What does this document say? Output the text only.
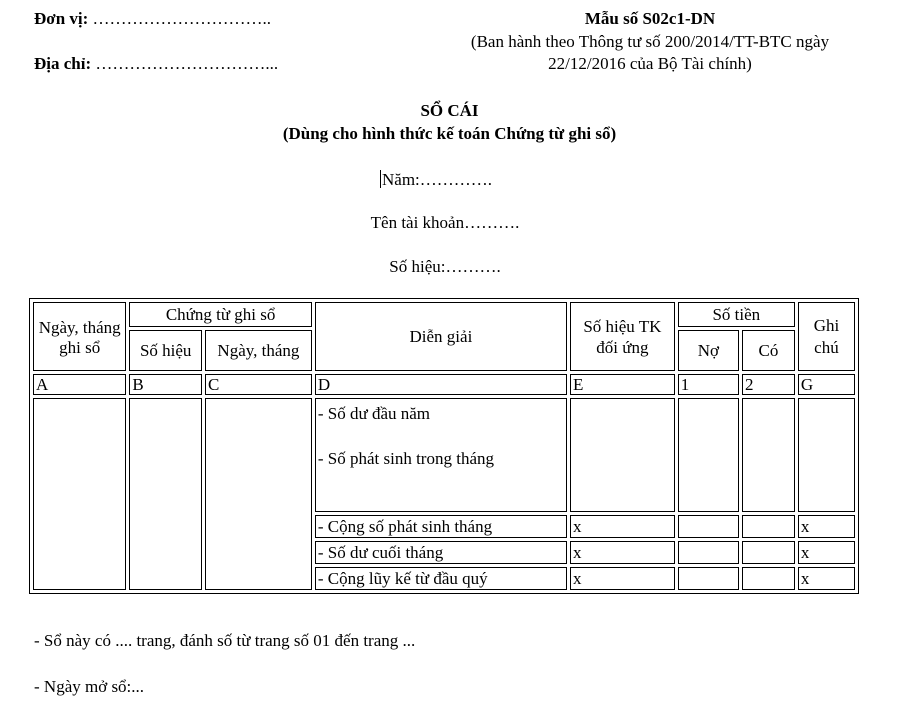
Đơn vị: …………………………..
Địa chỉ: …………………………...
Mẫu số S02c1-DN
(Ban hành theo Thông tư số 200/2014/TT-BTC ngày
22/12/2016 của Bộ Tài chính)
SỔ CÁI
(Dùng cho hình thức kế toán Chứng từ ghi sổ)
Năm:………….
Tên tài khoản……….
Số hiệu:……….
Ngày, tháng ghi sổ	Chứng từ ghi sổ		Diễn giải	Số hiệu TK đối ứng	Số tiền		Ghi chú
	Số hiệu	Ngày, tháng			Nợ	Có	
A	B	C	D	E	1	2	G

			- Số dư đầu năm
- Số phát sinh trong tháng				

			- Cộng số phát sinh tháng	x			x
			- Số dư cuối tháng	x			x
			- Cộng lũy kế từ đầu quý	x			x
- Sổ này có .... trang, đánh số từ trang số 01 đến trang ...
- Ngày mở sổ:...
